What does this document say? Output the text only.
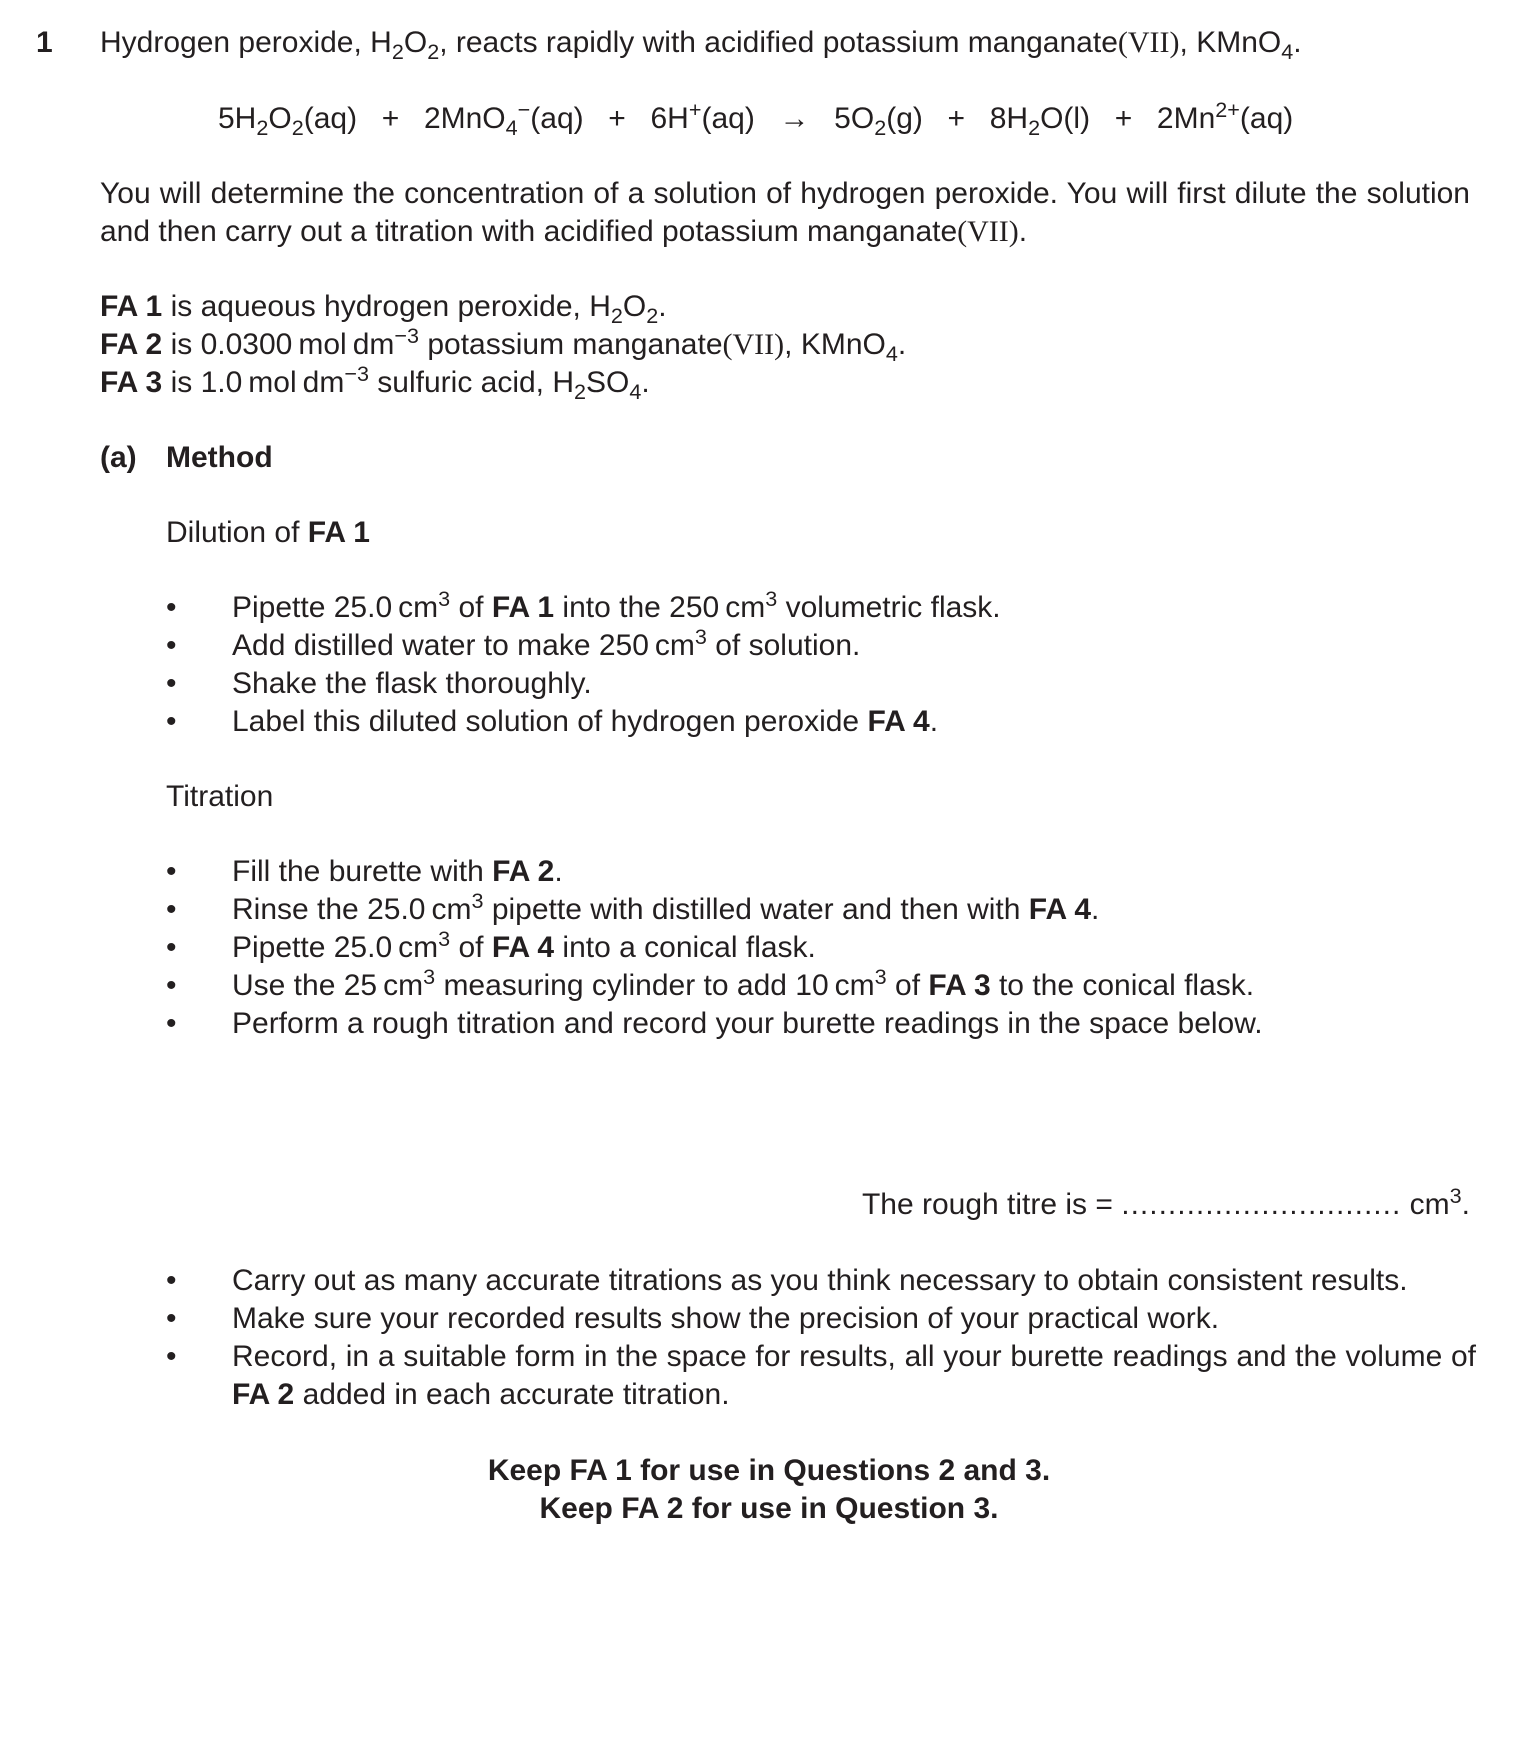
1 Hydrogen peroxide, $H_2O_2$, reacts rapidly with acidified potassium manganate(VII), KMnO$_4$.
$5H_2O_2(aq) + 2MnO_4^-(aq) + 6H^+(aq) \to 5O_2(g) + 8H_2O(l) + 2Mn^{2+}(aq)$
You will determine the concentration of a solution of hydrogen peroxide. You will first dilute the solution and then carry out a titration with acidified potassium manganate(VII).
FA 1 is aqueous hydrogen peroxide, $H_2O_2$.
FA 2 is 0.0300 mol $dm^{-3}$ potassium manganate(VII), KMnO$_4$.
FA 3 is 1.0 mol $dm^{-3}$ sulfuric acid, $H_2SO_4$.
(a) Method
Dilution of FA 1
• Pipette 25.0 $cm^3$ of FA 1 into the 250 $cm^3$ volumetric flask.
• Add distilled water to make 250 $cm^3$ of solution.
• Shake the flask thoroughly.
• Label this diluted solution of hydrogen peroxide FA 4.
Titration
• Fill the burette with FA 2.
• Rinse the 25.0 $cm^3$ pipette with distilled water and then with FA 4.
• Pipette 25.0 $cm^3$ of FA 4 into a conical flask.
• Use the 25 $cm^3$ measuring cylinder to add 10 $cm^3$ of FA 3 to the conical flask.
• Perform a rough titration and record your burette readings in the space below.
The rough titre is = .............................. $cm^3$.
• Carry out as many accurate titrations as you think necessary to obtain consistent results.
• Make sure your recorded results show the precision of your practical work.
• Record, in a suitable form in the space for results, all your burette readings and the volume of FA 2 added in each accurate titration.
Keep FA 1 for use in Questions 2 and 3.
Keep FA 2 for use in Question 3.
